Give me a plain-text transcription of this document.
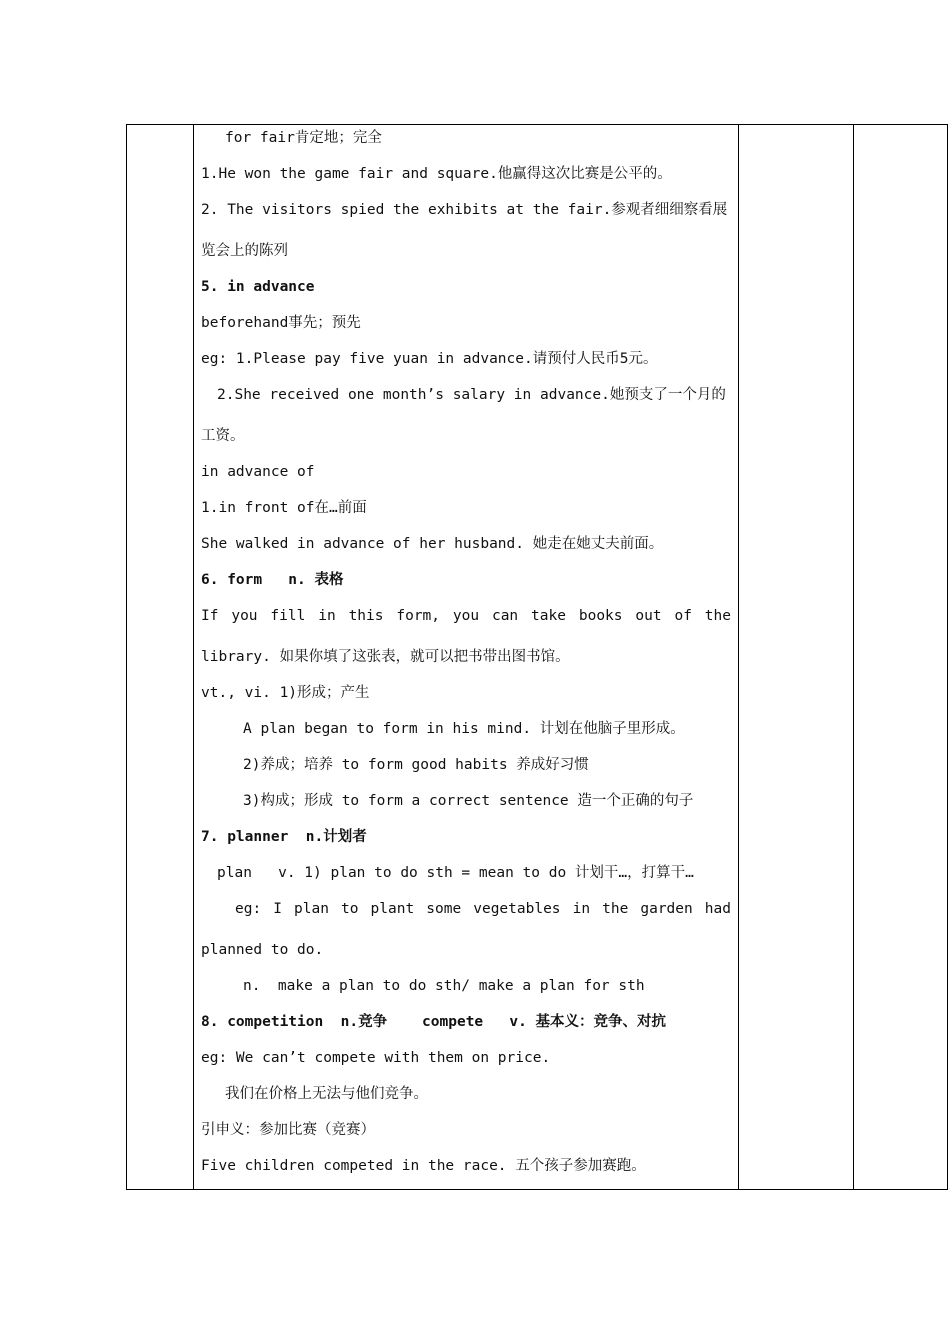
for fair肯定地；完全
1.He won the game fair and square.他赢得这次比赛是公平的。
2. The visitors spied the exhibits at the fair.参观者细细察看展
览会上的陈列
5. in advance
beforehand事先；预先
eg: 1.Please pay five yuan in advance.请预付人民币5元。
2.She received one month’s salary in advance.她预支了一个月的
工资。
in advance of
1.in front of在…前面
She walked in advance of her husband. 她走在她丈夫前面。
6. form   n. 表格
If you fill in this form, you can take books out of the
library. 如果你填了这张表，就可以把书带出图书馆。
vt., vi. 1)形成；产生
A plan began to form in his mind. 计划在他脑子里形成。
2)养成；培养 to form good habits 养成好习惯
3)构成；形成 to form a correct sentence 造一个正确的句子
7. planner  n.计划者
plan   v. 1) plan to do sth = mean to do 计划干…，打算干…
eg: I plan to plant some vegetables in the garden had
planned to do.
n.  make a plan to do sth/ make a plan for sth
8. competition  n.竞争    compete   v. 基本义：竞争、对抗
eg: We can’t compete with them on price.
我们在价格上无法与他们竞争。
引申义：参加比赛（竞赛）
Five children competed in the race. 五个孩子参加赛跑。
